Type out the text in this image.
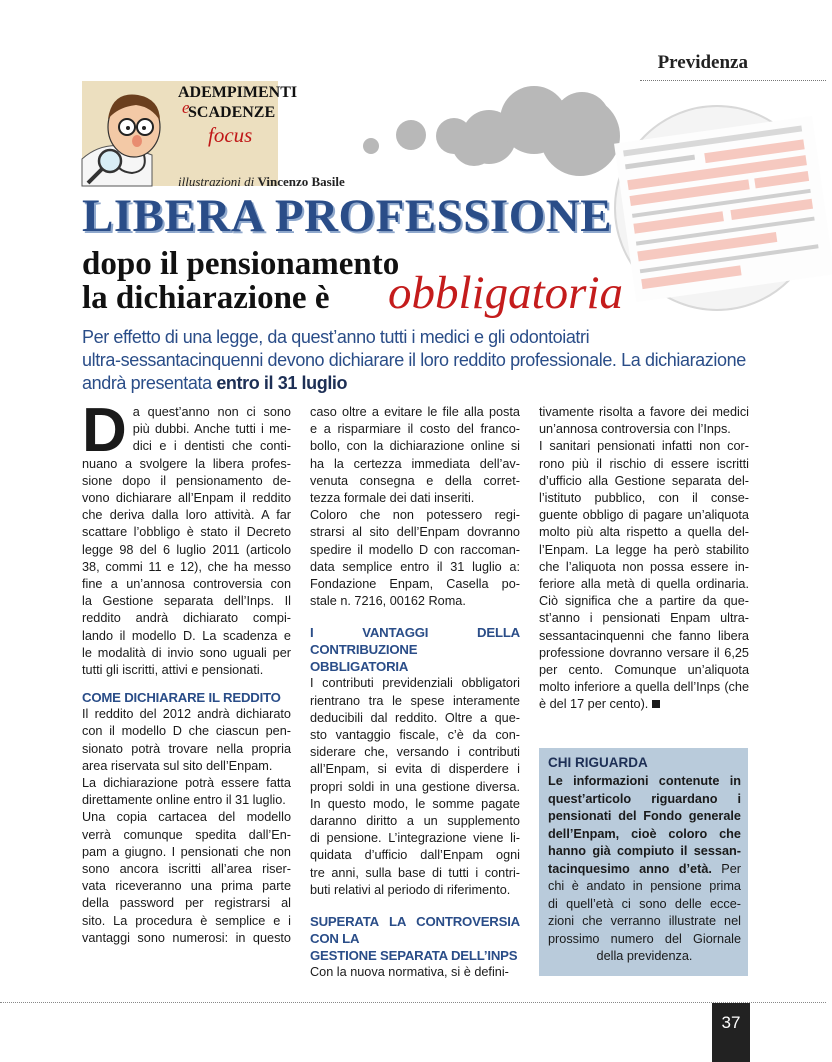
Previdenza
ADEMPIMENTI
e
SCADENZE
focus
illustrazioni di Vincenzo Basile
LIBERA PROFESSIONE
dopo il pensionamento
la dichiarazione è obbligatoria
Per effetto di una legge, da quest’anno tutti i medici e gli odontoiatri
ultra-sessantacinquenni devono dichiarare il loro reddito professionale. La dichiarazione
andrà presentata entro il 31 luglio
D a quest’anno non ci sono
più dubbi. Anche tutti i me-
dici e i dentisti che conti-
nuano a svolgere la libera profes-
sione dopo il pensionamento de-
vono dichiarare all’Enpam il reddito
che deriva dalla loro attività. A far
scattare l’obbligo è stato il Decreto
legge 98 del 6 luglio 2011 (articolo
38, commi 11 e 12), che ha messo
fine a un’annosa controversia con
la Gestione separata dell’Inps. Il
reddito andrà dichiarato compi-
lando il modello D. La scadenza e
le modalità di invio sono uguali per
tutti gli iscritti, attivi e pensionati.
COME DICHIARARE IL REDDITO
Il reddito del 2012 andrà dichiarato
con il modello D che ciascun pen-
sionato potrà trovare nella propria
area riservata sul sito dell’Enpam.
La dichiarazione potrà essere fatta
direttamente online entro il 31 luglio.
Una copia cartacea del modello
verrà comunque spedita dall’En-
pam a giugno. I pensionati che non
sono ancora iscritti all’area riser-
vata riceveranno una prima parte
della password per registrarsi al
sito. La procedura è semplice e i
vantaggi sono numerosi: in questo
caso oltre a evitare le file alla posta
e a risparmiare il costo del franco-
bollo, con la dichiarazione online si
ha la certezza immediata dell’av-
venuta consegna e della corret-
tezza formale dei dati inseriti.
Coloro che non potessero regi-
strarsi al sito dell’Enpam dovranno
spedire il modello D con raccoman-
data semplice entro il 31 luglio a:
Fondazione Enpam, Casella po-
stale n. 7216, 00162 Roma.
I VANTAGGI DELLA CONTRIBUZIONE
OBBLIGATORIA
I contributi previdenziali obbligatori
rientrano tra le spese interamente
deducibili dal reddito. Oltre a que-
sto vantaggio fiscale, c’è da con-
siderare che, versando i contributi
all’Enpam, si evita di disperdere i
propri soldi in una gestione diversa.
In questo modo, le somme pagate
daranno diritto a un supplemento
di pensione. L’integrazione viene li-
quidata d’ufficio dall’Enpam ogni
tre anni, sulla base di tutti i contri-
buti relativi al periodo di riferimento.
SUPERATA LA CONTROVERSIA CON LA
GESTIONE SEPARATA DELL’INPS
Con la nuova normativa, si è defini-
tivamente risolta a favore dei medici
un’annosa controversia con l’Inps.
I sanitari pensionati infatti non cor-
rono più il rischio di essere iscritti
d’ufficio alla Gestione separata del-
l’istituto pubblico, con il conse-
guente obbligo di pagare un’aliquota
molto più alta rispetto a quella del-
l’Enpam. La legge ha però stabilito
che l’aliquota non possa essere in-
feriore alla metà di quella ordinaria.
Ciò significa che a partire da que-
st’anno i pensionati Enpam ultra-
sessantacinquenni che fanno libera
professione dovranno versare il 6,25
per cento. Comunque un’aliquota
molto inferiore a quella dell’Inps (che
è del 17 per cento).
CHI RIGUARDA
Le informazioni contenute in
quest’articolo riguardano i
pensionati del Fondo generale
dell’Enpam, cioè coloro che
hanno già compiuto il sessan-
tacinquesimo anno d’età. Per
chi è andato in pensione prima
di quell’età ci sono delle ecce-
zioni che verranno illustrate nel
prossimo numero del Giornale
della previdenza.
37
